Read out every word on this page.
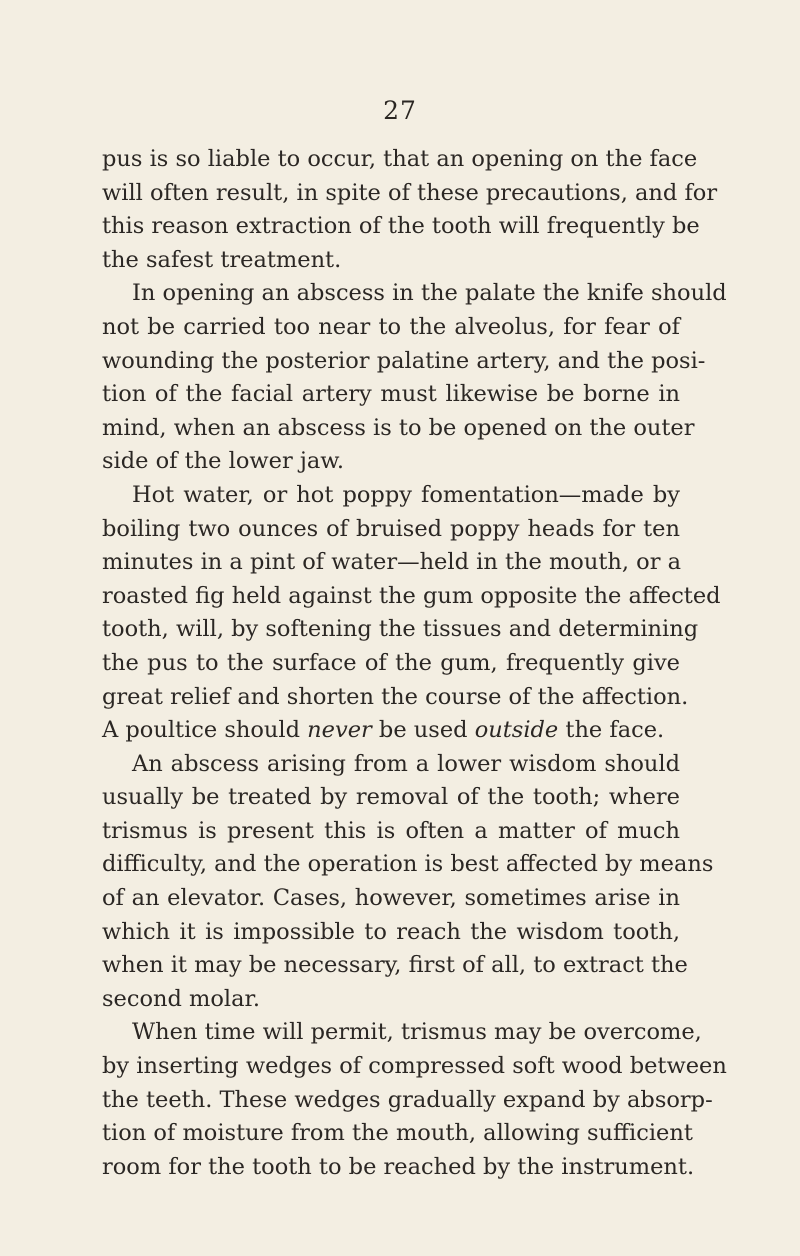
27

pus is so liable to occur, that an opening on the face
will often result, in spite of these precautions, and for
this reason extraction of the tooth will frequently be
the safest treatment.

In opening an abscess in the palate the knife should
not be carried too near to the alveolus, for fear of
wounding the posterior palatine artery, and the posi-
tion of the facial artery must likewise be borne in
mind, when an abscess is to be opened on the outer
side of the lower jaw.

Hot water, or hot poppy fomentation—made by
boiling two ounces of bruised poppy heads for ten
minutes in a pint of water—held in the mouth, or a
roasted fig held against the gum opposite the affected
tooth, will, by softening the tissues and determining
the pus to the surface of the gum, frequently give
great relief and shorten the course of the affection.
A poultice should never be used outside the face.

An abscess arising from a lower wisdom should
usually be treated by removal of the tooth; where
trismus is present this is often a matter of much
difficulty, and the operation is best affected by means
of an elevator. Cases, however, sometimes arise in
which it is impossible to reach the wisdom tooth,
when it may be necessary, first of all, to extract the
second molar.

When time will permit, trismus may be overcome,
by inserting wedges of compressed soft wood between
the teeth. These wedges gradually expand by absorp-
tion of moisture from the mouth, allowing sufficient
room for the tooth to be reached by the instrument.
